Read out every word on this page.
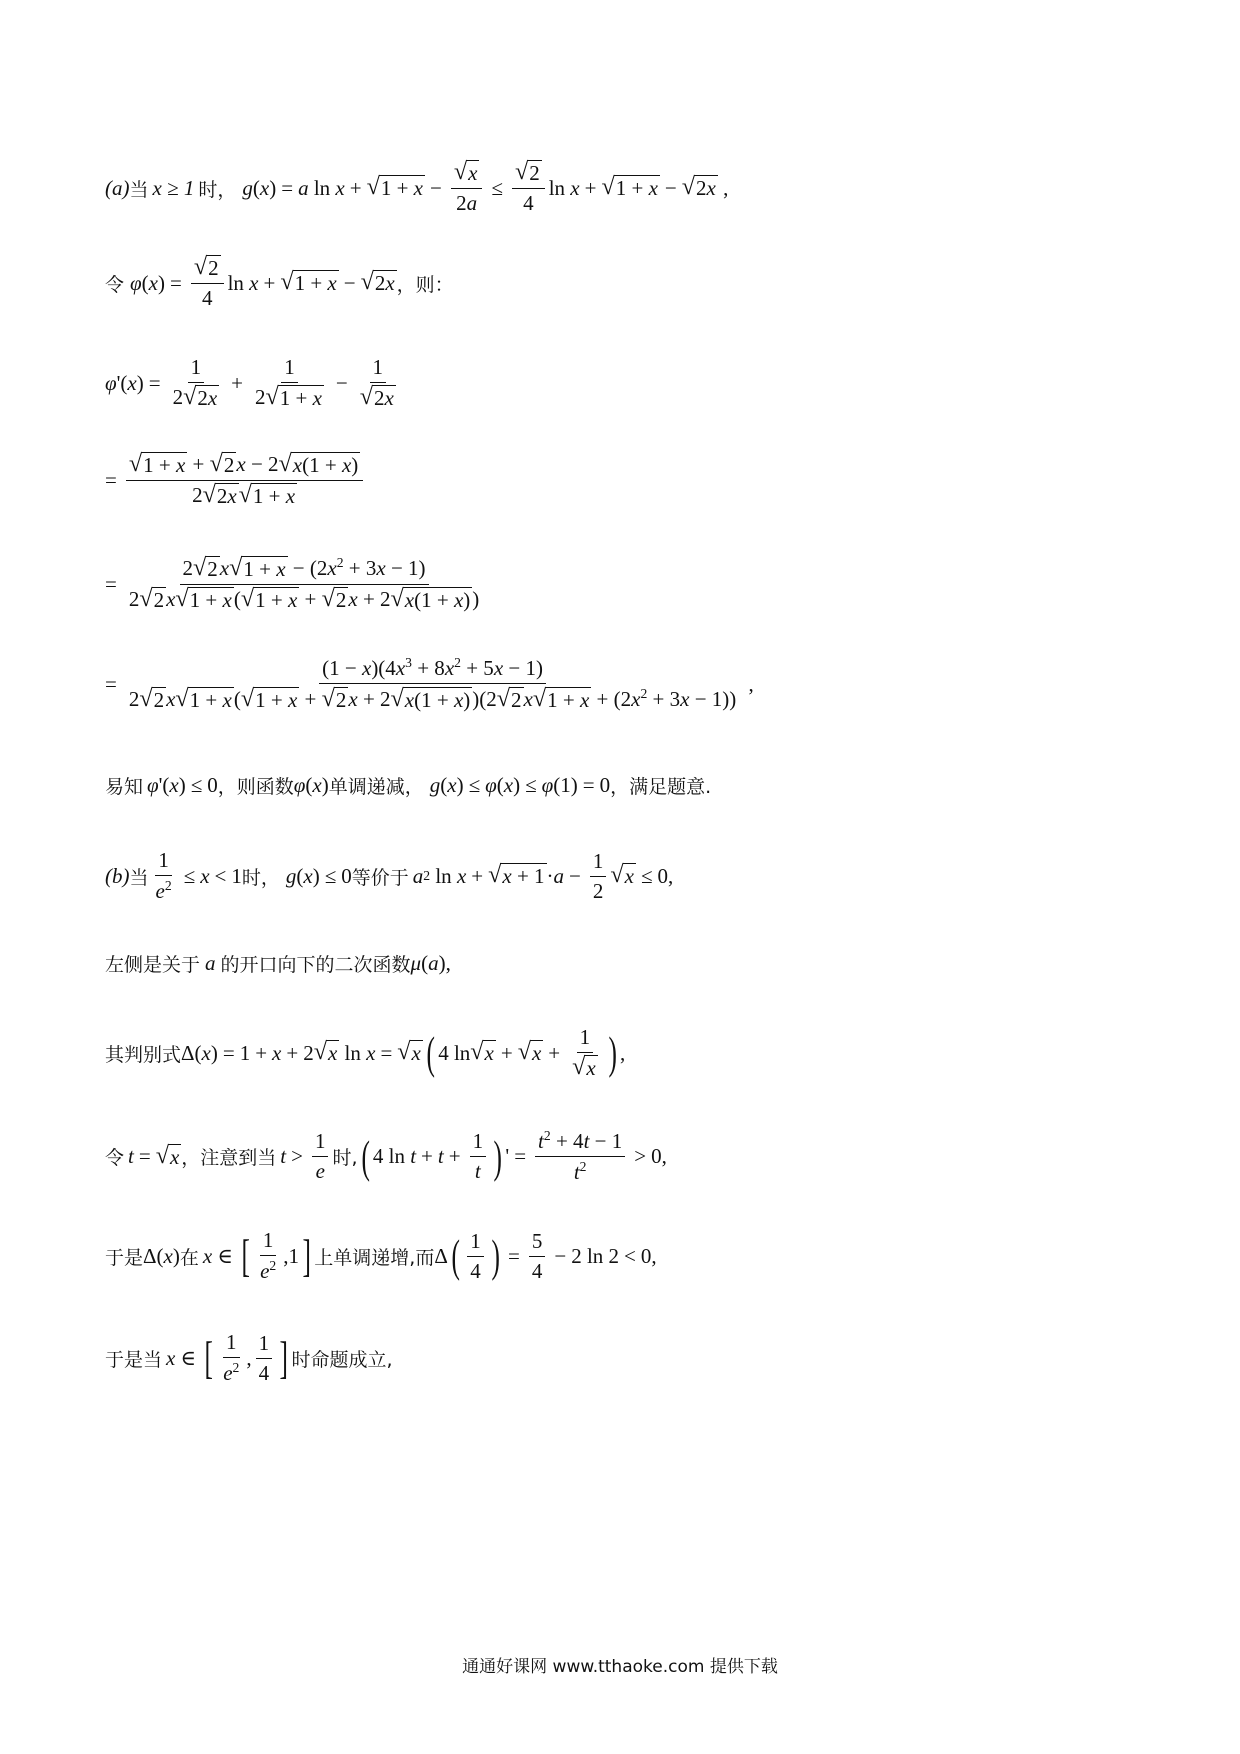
(a) 当 x ≥ 1 时， g ( x ) = a ln x + √ $1 + x - \frac{√ x}{2a} \le \frac{√ 2}{4}$ ln x + √ 1 + x − √ 2x ,
令 φ ( x ) = $\frac{√ 2}{4}$ ln x + √ 1 + x − √ 2x ，则：
φ '( x ) = $\frac{1}{2 √ 2x} + \frac{1}{2 √ 1 + x} - \frac{1}{√ 2x}$
= $\frac{√ 1 + x + √ 2 x - 2 √ x(1 + x)}{2 √ 2x √ 1 + x}$
= $\frac{2 √ 2 x √ 1 + x - (2x^2 + 3x - 1)}{2 √ 2 x √ 1 + x ( √ 1 + x + √ 2 x + 2 √ x(1 + x) )}$
=
$(1 - x)(4x^3 + 8x^2 + 5x - 1)$
2 √ 2 x √ 1 + x ( √ 1 + x + √ 2 x + 2 √ x(1 + x) )(2 √ 2 x √ $1 + x + (2x^2 + 3x - 1)$)
,
易知 φ '( x ) ≤ 0 ，则函数 φ ( x ) 单调递减， g ( x ) ≤ φ ( x ) ≤ φ (1) = 0 ，满足题意.
(b) 当 $\frac{1}{e^2} \le x < 1$ 时， g ( x ) ≤ 0 等价于 a 2 ln x + √ $x + 1 \cdot a - \frac{1}{2}$ √ x ≤ 0,
左侧是关于 a 的开口向下的二次函数 μ ( a ),
其判别式 Δ( x ) = 1 + x + 2 √ x ln x = √ x ( 4 ln √ x + √ $x + \frac{1}{√ x}$ ) ,
令 t = √ x ，注意到当 $t > \frac{1}{e}$ 时, ( 4 $\ln t + t + \frac{1}{t}$ ) ' = $\frac{t^2 + 4t - 1}{t^2} > 0$,
于是 Δ( x ) 在 x ∈ [ $\frac{1}{e^2} ,1$ ] 上单调递增,而 Δ ( $\frac{1}{4}$ ) = $\frac{5}{4} - 2$ ln 2 < 0,
于是当 x ∈ [ $\frac{1}{e^2}$ , $\frac{1}{4}$ ] 时命题成立,
通通好课网 www.tthaoke.com 提供下载
